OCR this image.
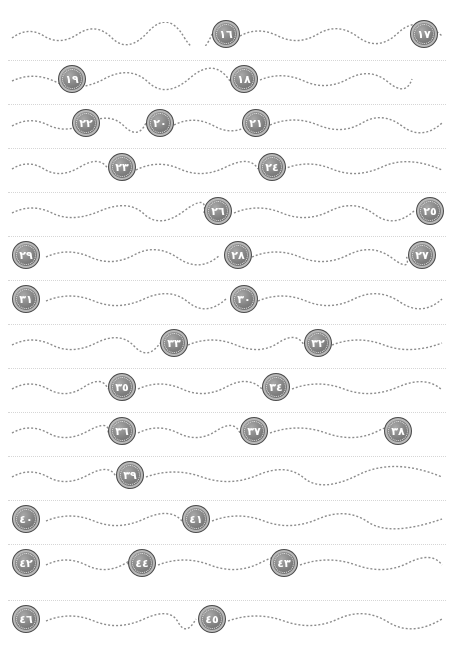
١٦	١٧
١٨
١٩
٢٠	٢١
٢٢
٢٣	٢٤
٢٦	٢٥
٢٩	٢٨	٢٧
٣١	٣٠
٣٢
٣٣
٣٥	٣٤
٣٧
٣٦	٣٨
٣٩
٤٠	٤١
٤٢	٤٣
٤٤
٤٦	٤٥
